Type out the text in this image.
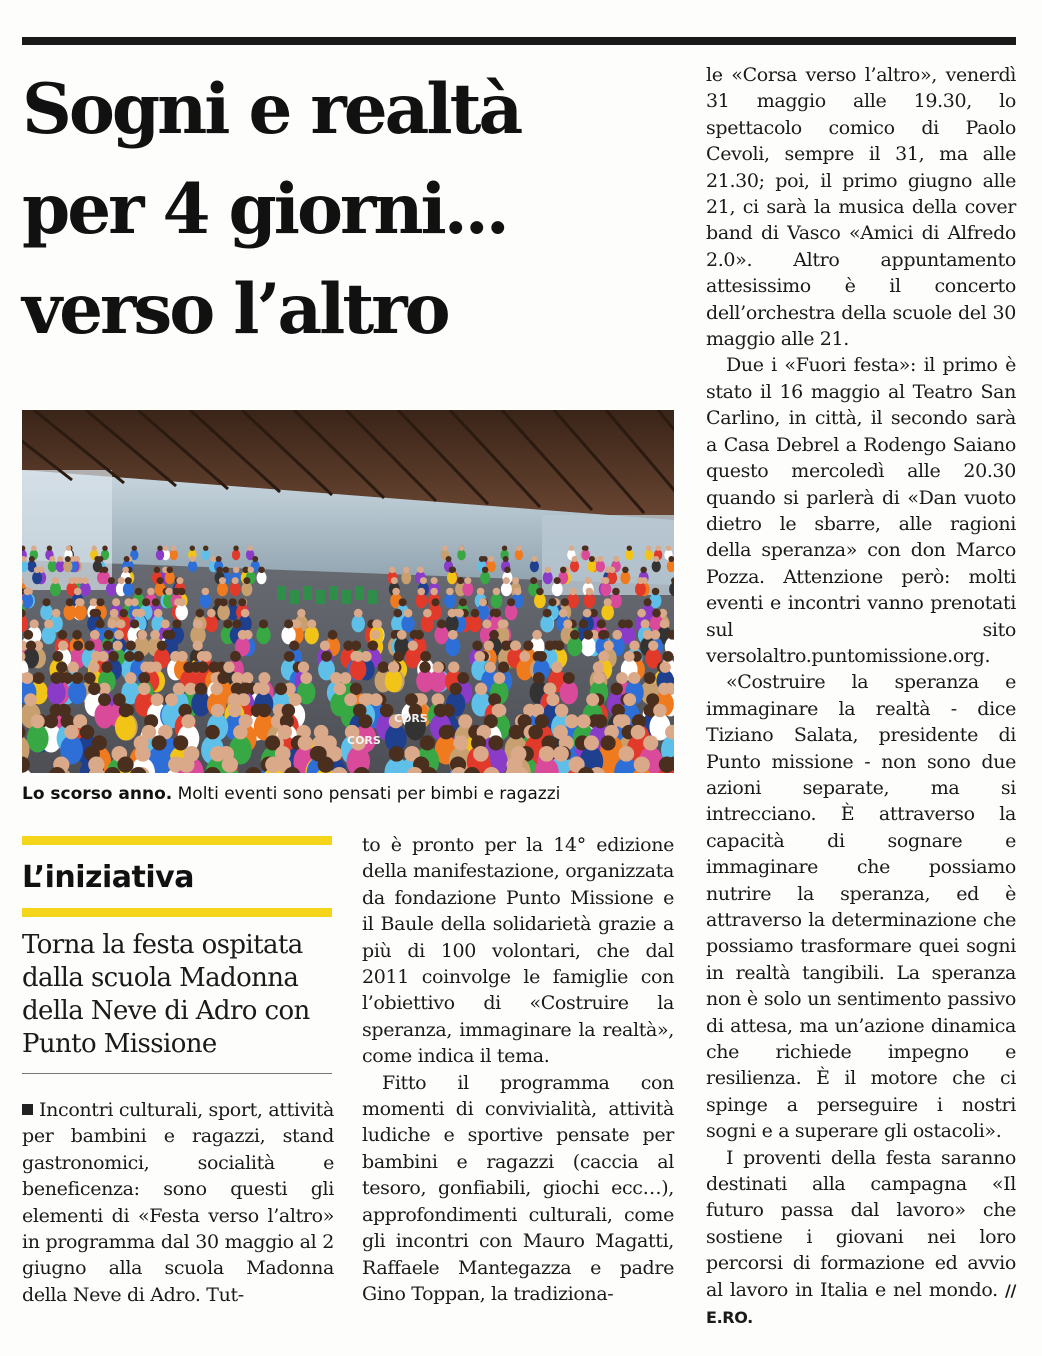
Sogni e realtà
per 4 giorni...
verso l’altro
CORS
CORS
Lo scorso anno. Molti eventi sono pensati per bimbi e ragazzi
L’iniziativa
Torna la festa ospitata dalla scuola Madonna della Neve di Adro con Punto Missione

Incontri culturali, sport, attività per bambini e ragazzi, stand gastronomici, socialità e beneficenza: sono questi gli elementi di «Festa verso l’altro» in programma dal 30 maggio al 2 giugno alla scuola Madonna della Neve di Adro. Tut-

to è pronto per la 14° edizione della manifestazione, organizzata da fondazione Punto Missione e il Baule della solidarietà grazie a più di 100 volontari, che dal 2011 coinvolge le famiglie con l’obiettivo di «Costruire la speranza, immaginare la realtà», come indica il tema.

Fitto il programma con momenti di convivialità, attività ludiche e sportive pensate per bambini e ragazzi (caccia al tesoro, gonfiabili, giochi ecc…), approfondimenti culturali, come gli incontri con Mauro Magatti, Raffaele Mantegazza e padre Gino Toppan, la tradiziona-

le «Corsa verso l’altro», venerdì 31 maggio alle 19.30, lo spettacolo comico di Paolo Cevoli, sempre il 31, ma alle 21.30; poi, il primo giugno alle 21, ci sarà la musica della cover band di Vasco «Amici di Alfredo 2.0». Altro appuntamento attesissimo è il concerto dell’orchestra della scuole del 30 maggio alle 21.

Due i «Fuori festa»: il primo è stato il 16 maggio al Teatro San Carlino, in città, il secondo sarà a Casa Debrel a Rodengo Saiano questo mercoledì alle 20.30 quando si parlerà di «Dan vuoto dietro le sbarre, alle ragioni della speranza» con don Marco Pozza. Attenzione però: molti eventi e incontri vanno prenotati sul sito versolaltro.puntomissione.org.

«Costruire la speranza e immaginare la realtà - dice Tiziano Salata, presidente di Punto missione - non sono due azioni separate, ma si intrecciano. È attraverso la capacità di sognare e immaginare che possiamo nutrire la speranza, ed è attraverso la determinazione che possiamo trasformare quei sogni in realtà tangibili. La speranza non è solo un sentimento passivo di attesa, ma un’azione dinamica che richiede impegno e resilienza. È il motore che ci spinge a perseguire i nostri sogni e a superare gli ostacoli».

I proventi della festa saranno destinati alla campagna «Il futuro passa dal lavoro» che sostiene i giovani nei loro percorsi di formazione ed avvio al lavoro in Italia e nel mondo. // E.RO.
